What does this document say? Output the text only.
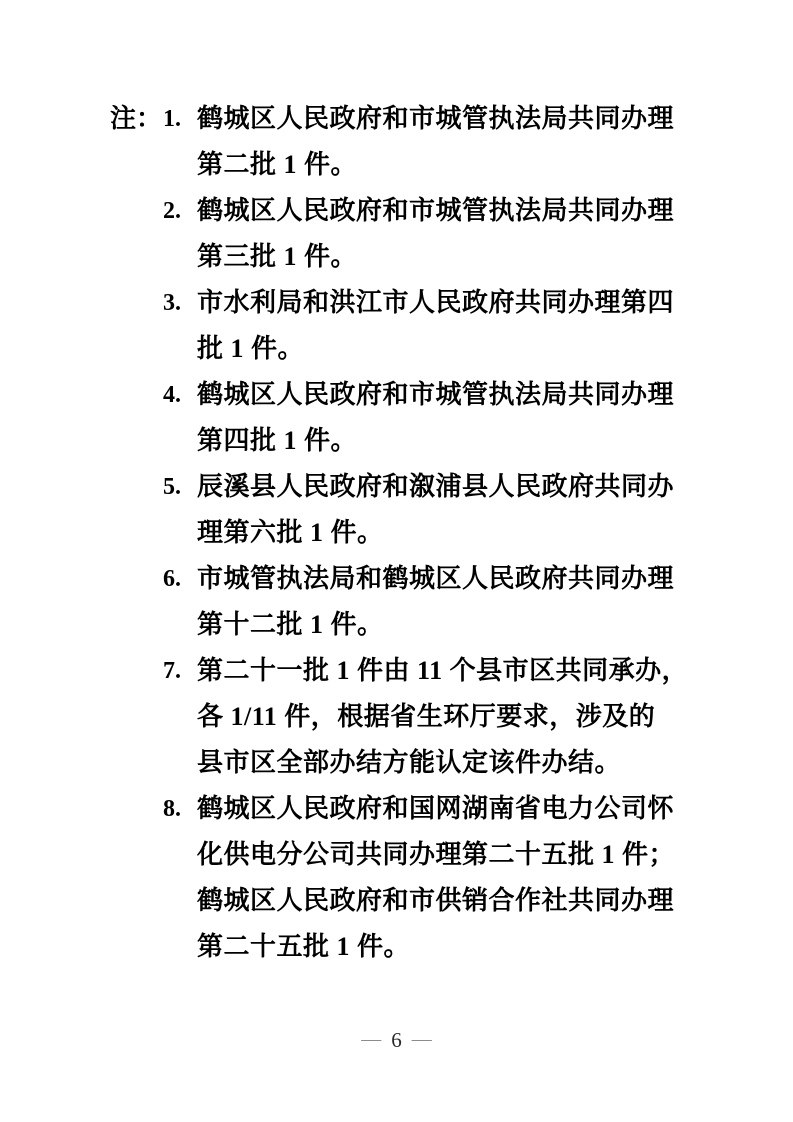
注： 1. 鹤城区人民政府和市城管执法局共同办理
第二批 1 件。
2. 鹤城区人民政府和市城管执法局共同办理
第三批 1 件。
3. 市水利局和洪江市人民政府共同办理第四
批 1 件。
4. 鹤城区人民政府和市城管执法局共同办理
第四批 1 件。
5. 辰溪县人民政府和溆浦县人民政府共同办
理第六批 1 件。
6. 市城管执法局和鹤城区人民政府共同办理
第十二批 1 件。
7. 第二十一批 1 件由 11 个县市区共同承办，
各 1/11 件，根据省生环厅要求，涉及的
县市区全部办结方能认定该件办结。
8. 鹤城区人民政府和国网湖南省电力公司怀
化供电分公司共同办理第二十五批 1 件；
鹤城区人民政府和市供销合作社共同办理
第二十五批 1 件。
— 6 —
